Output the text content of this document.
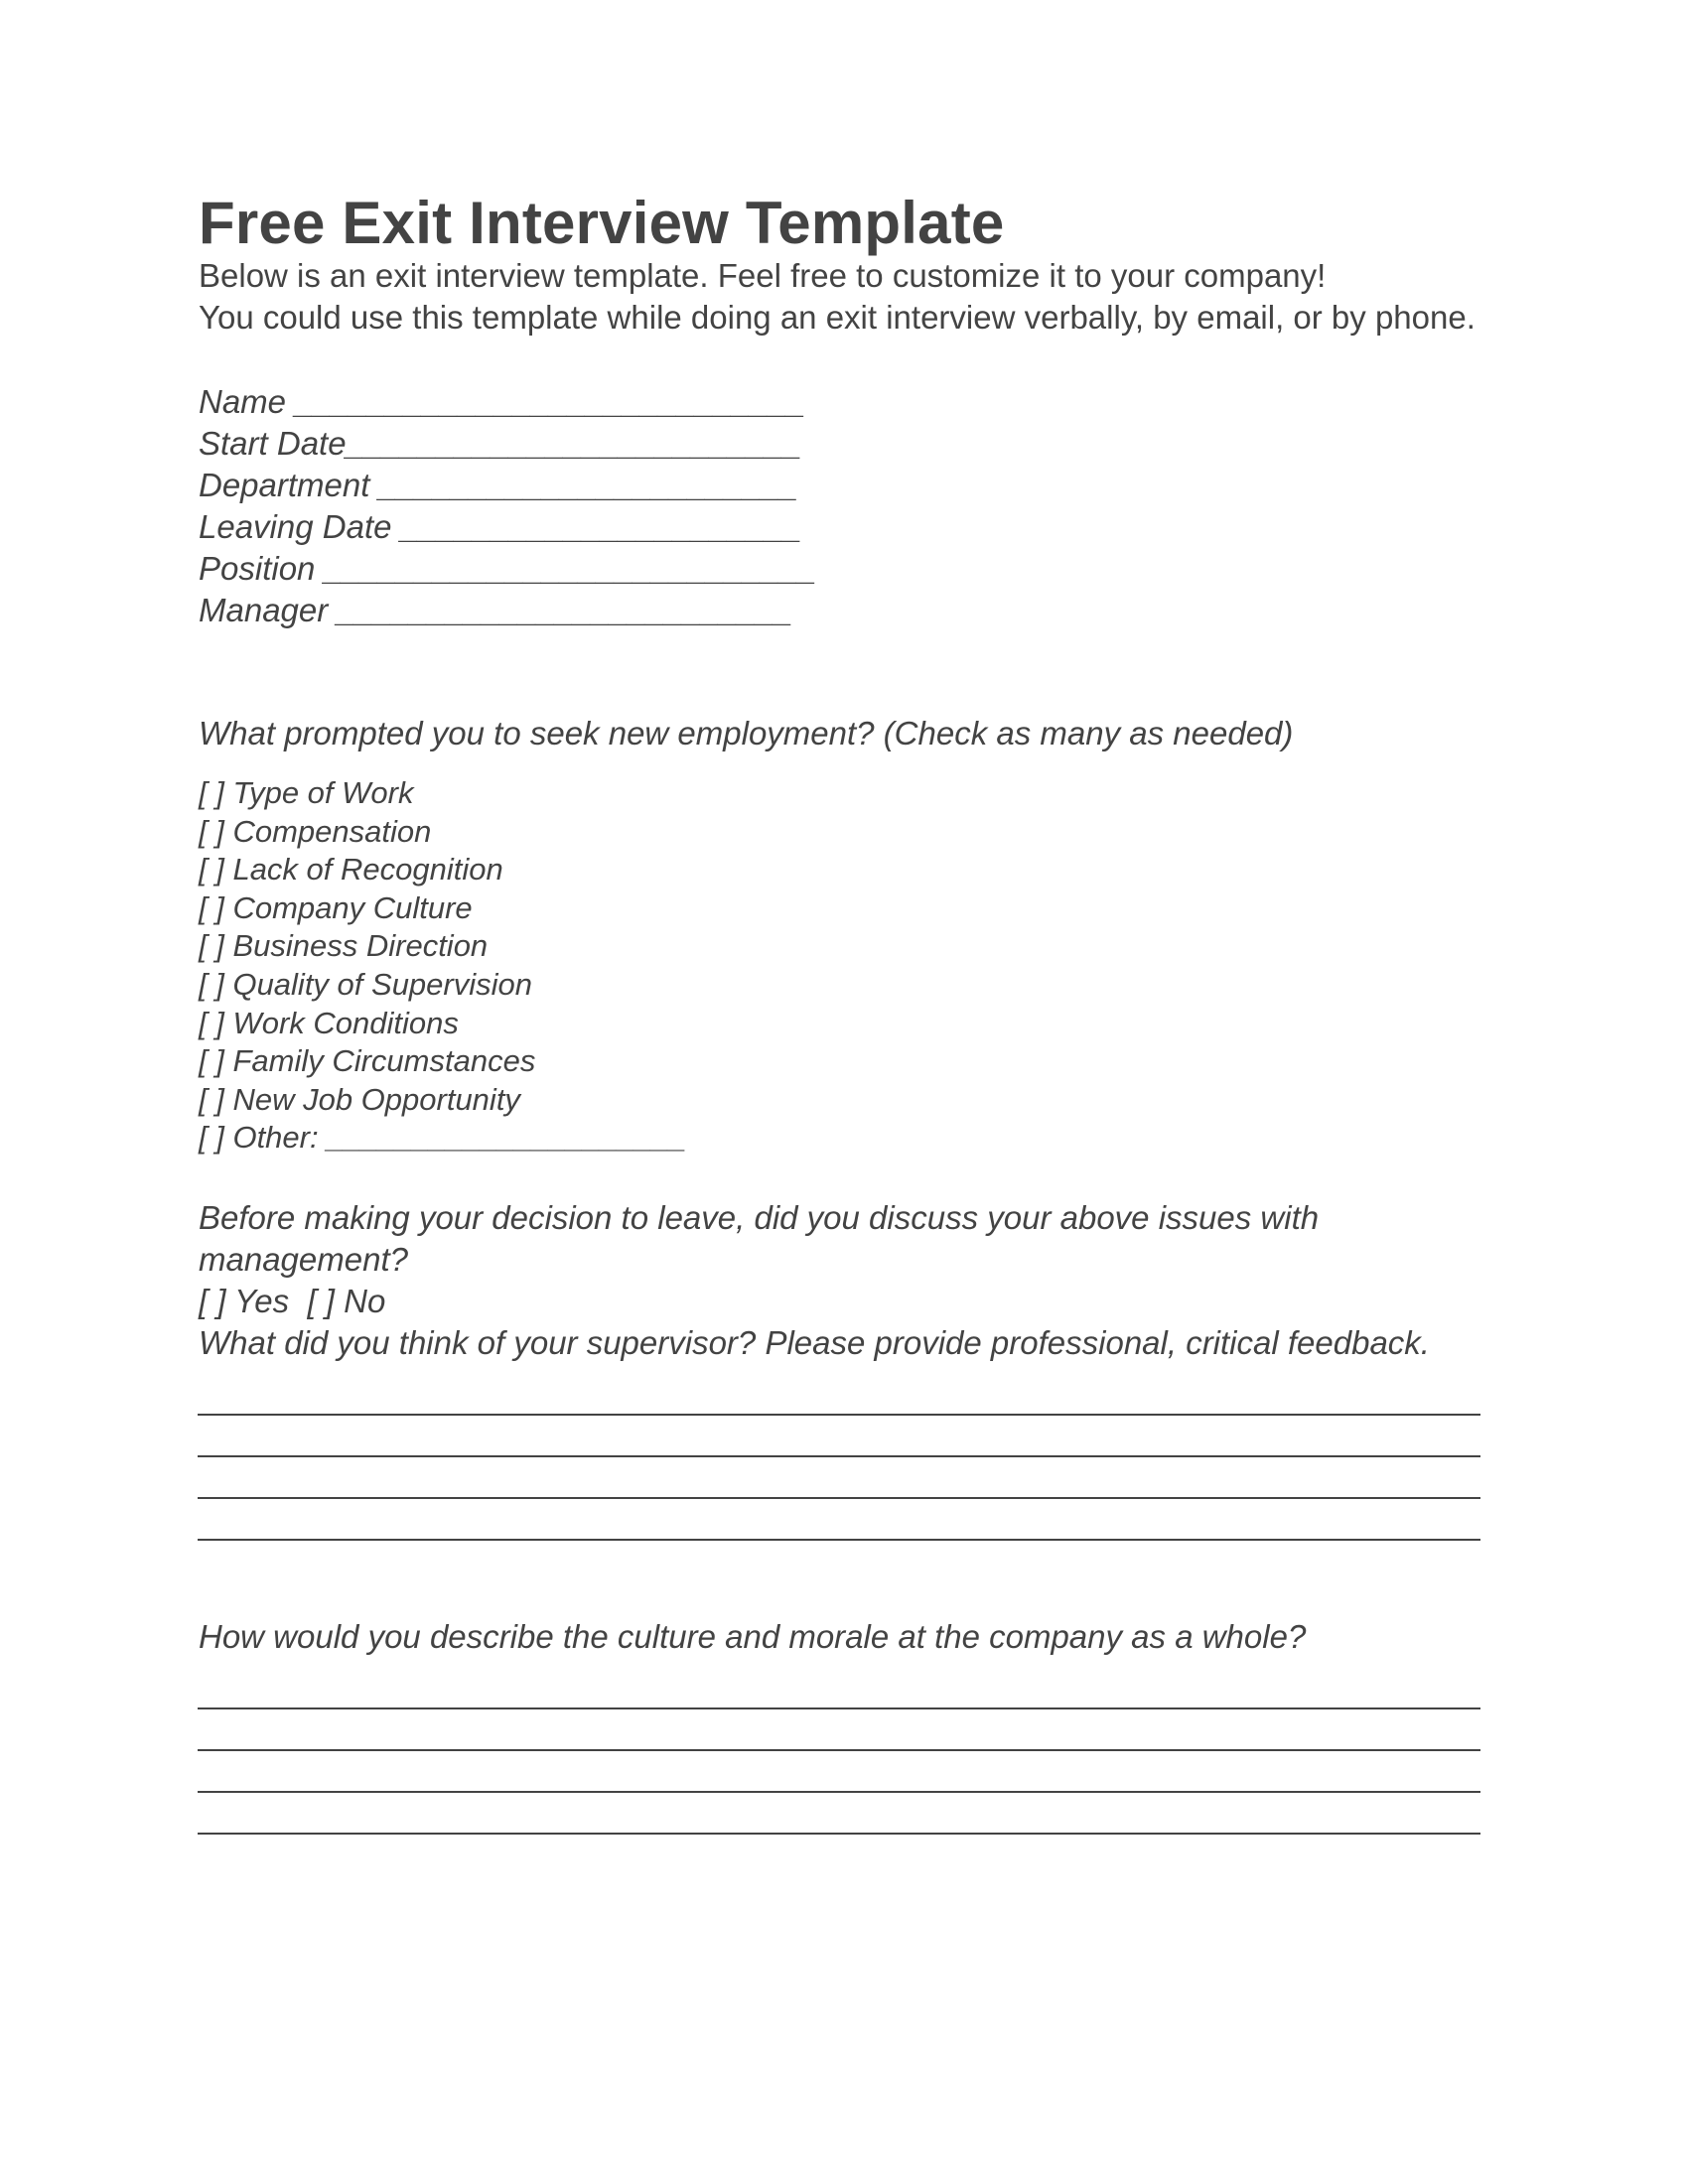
Free Exit Interview Template

Below is an exit interview template. Feel free to customize it to your company!

You could use this template while doing an exit interview verbally, by email, or by phone.

Name ____________________________
Start Date_________________________
Department _______________________
Leaving Date ______________________
Position ___________________________
Manager _________________________
What prompted you to seek new employment? (Check as many as needed)
[ ] Type of Work
[ ] Compensation
[ ] Lack of Recognition
[ ] Company Culture
[ ] Business Direction
[ ] Quality of Supervision
[ ] Work Conditions
[ ] Family Circumstances
[ ] New Job Opportunity
[ ] Other: _____________________
Before making your decision to leave, did you discuss your above issues with management?
[ ] Yes  [ ] No
What did you think of your supervisor? Please provide professional, critical feedback.
How would you describe the culture and morale at the company as a whole?
